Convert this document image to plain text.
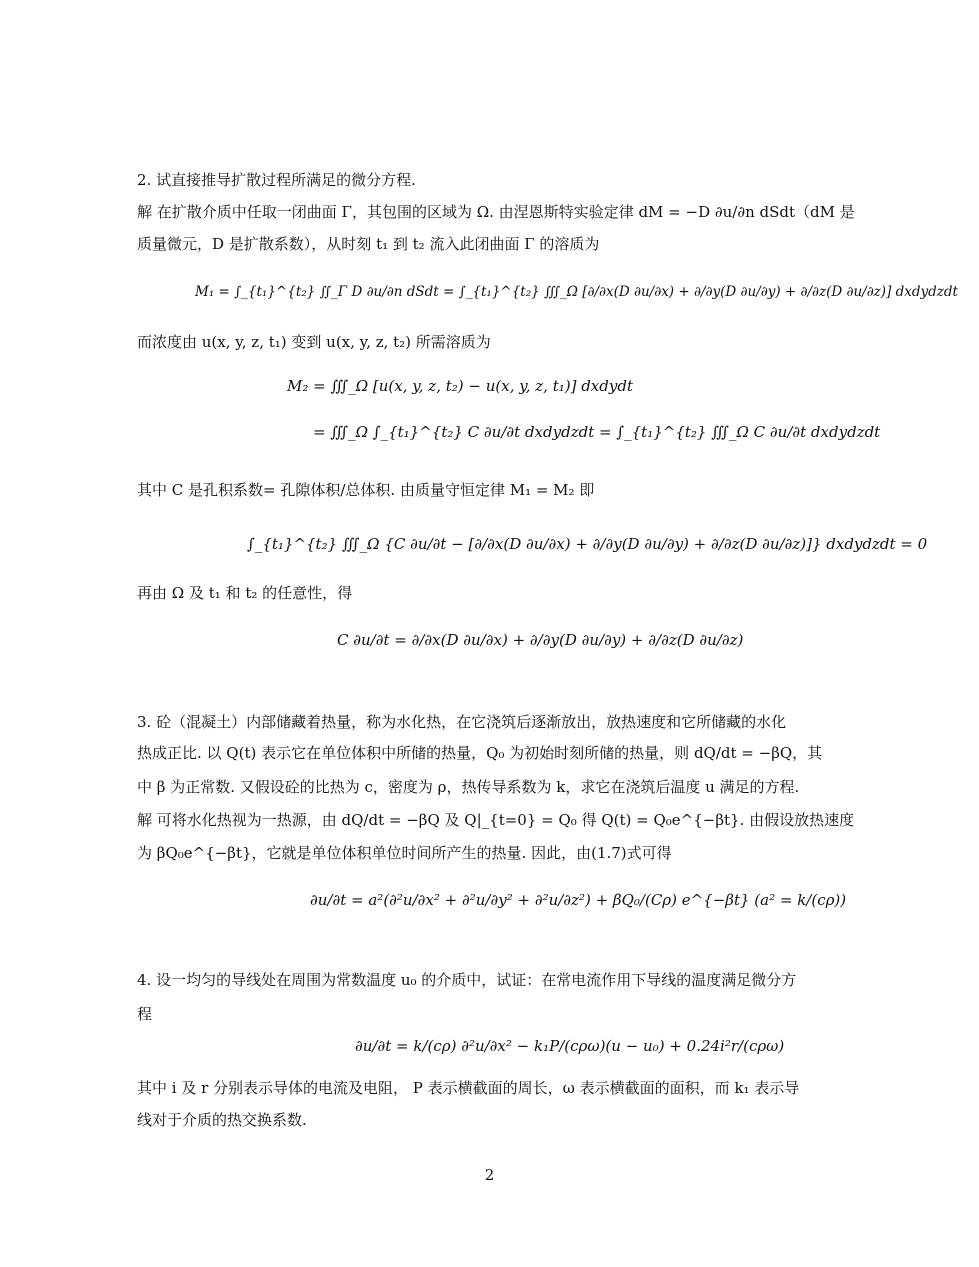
2. 试直接推导扩散过程所满足的微分方程.
解 在扩散介质中任取一闭曲面 Γ，其包围的区域为 Ω. 由涅恩斯特实验定律 dM = −D ∂u/∂n dSdt（dM 是
质量微元，D 是扩散系数），从时刻 t₁ 到 t₂ 流入此闭曲面 Γ 的溶质为
M₁ = ∫_{t₁}^{t₂} ∬_Γ D ∂u/∂n dSdt = ∫_{t₁}^{t₂} ∭_Ω [∂/∂x(D ∂u/∂x) + ∂/∂y(D ∂u/∂y) + ∂/∂z(D ∂u/∂z)] dxdydzdt
而浓度由 u(x, y, z, t₁) 变到 u(x, y, z, t₂) 所需溶质为
M₂ = ∭_Ω [u(x, y, z, t₂) − u(x, y, z, t₁)] dxdydt
= ∭_Ω ∫_{t₁}^{t₂} C ∂u/∂t dxdydzdt = ∫_{t₁}^{t₂} ∭_Ω C ∂u/∂t dxdydzdt
其中 C 是孔积系数= 孔隙体积/总体积. 由质量守恒定律 M₁ = M₂ 即
∫_{t₁}^{t₂} ∭_Ω {C ∂u/∂t − [∂/∂x(D ∂u/∂x) + ∂/∂y(D ∂u/∂y) + ∂/∂z(D ∂u/∂z)]} dxdydzdt = 0
再由 Ω 及 t₁ 和 t₂ 的任意性，得
C ∂u/∂t = ∂/∂x(D ∂u/∂x) + ∂/∂y(D ∂u/∂y) + ∂/∂z(D ∂u/∂z)
3. 砼（混凝土）内部储藏着热量，称为水化热，在它浇筑后逐渐放出，放热速度和它所储藏的水化
热成正比. 以 Q(t) 表示它在单位体积中所储的热量，Q₀ 为初始时刻所储的热量，则 dQ/dt = −βQ，其
中 β 为正常数. 又假设砼的比热为 c，密度为 ρ，热传导系数为 k，求它在浇筑后温度 u 满足的方程.
解 可将水化热视为一热源，由 dQ/dt = −βQ 及 Q|_{t=0} = Q₀ 得 Q(t) = Q₀e^{−βt}. 由假设放热速度
为 βQ₀e^{−βt}，它就是单位体积单位时间所产生的热量. 因此，由(1.7)式可得
∂u/∂t = a²(∂²u/∂x² + ∂²u/∂y² + ∂²u/∂z²) + βQ₀/(Cρ) e^{−βt} (a² = k/(cρ))
4. 设一均匀的导线处在周围为常数温度 u₀ 的介质中，试证：在常电流作用下导线的温度满足微分方
程
∂u/∂t = k/(cρ) ∂²u/∂x² − k₁P/(cρω)(u − u₀) + 0.24i²r/(cρω)
其中 i 及 r 分别表示导体的电流及电阻， P 表示横截面的周长，ω 表示横截面的面积，而 k₁ 表示导
线对于介质的热交换系数.
2
